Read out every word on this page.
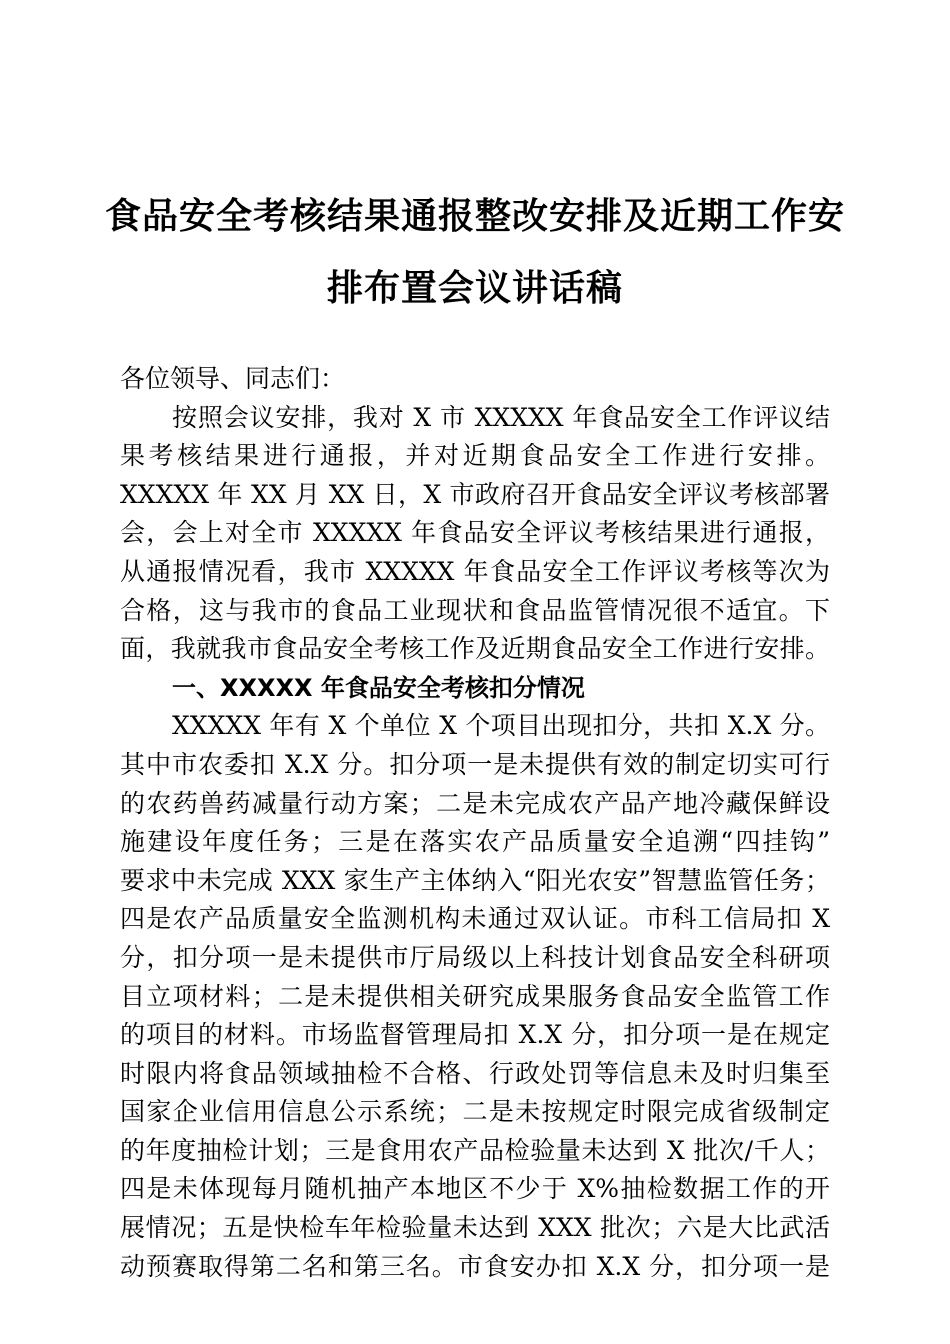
食品安全考核结果通报整改安排及近期工作安
排布置会议讲话稿
各位领导、同志们：
按照会议安排，我对 X 市 XXXXX 年食品安全工作评议结
果考核结果进行通报，并对近期食品安全工作进行安排。
XXXXX 年 XX 月 XX 日，X 市政府召开食品安全评议考核部署
会，会上对全市 XXXXX 年食品安全评议考核结果进行通报，
从通报情况看，我市 XXXXX 年食品安全工作评议考核等次为
合格，这与我市的食品工业现状和食品监管情况很不适宜。下
面，我就我市食品安全考核工作及近期食品安全工作进行安排。
一、XXXXX 年食品安全考核扣分情况
XXXXX 年有 X 个单位 X 个项目出现扣分，共扣 X.X 分。
其中市农委扣 X.X 分。扣分项一是未提供有效的制定切实可行
的农药兽药减量行动方案；二是未完成农产品产地冷藏保鲜设
施建设年度任务；三是在落实农产品质量安全追溯“四挂钩”
要求中未完成 XXX 家生产主体纳入“阳光农安”智慧监管任务；
四是农产品质量安全监测机构未通过双认证。市科工信局扣 X
分，扣分项一是未提供市厅局级以上科技计划食品安全科研项
目立项材料；二是未提供相关研究成果服务食品安全监管工作
的项目的材料。市场监督管理局扣 X.X 分，扣分项一是在规定
时限内将食品领域抽检不合格、行政处罚等信息未及时归集至
国家企业信用信息公示系统；二是未按规定时限完成省级制定
的年度抽检计划；三是食用农产品检验量未达到 X 批次/千人；
四是未体现每月随机抽产本地区不少于 X%抽检数据工作的开
展情况；五是快检车年检验量未达到 XXX 批次；六是大比武活
动预赛取得第二名和第三名。市食安办扣 X.X 分，扣分项一是
